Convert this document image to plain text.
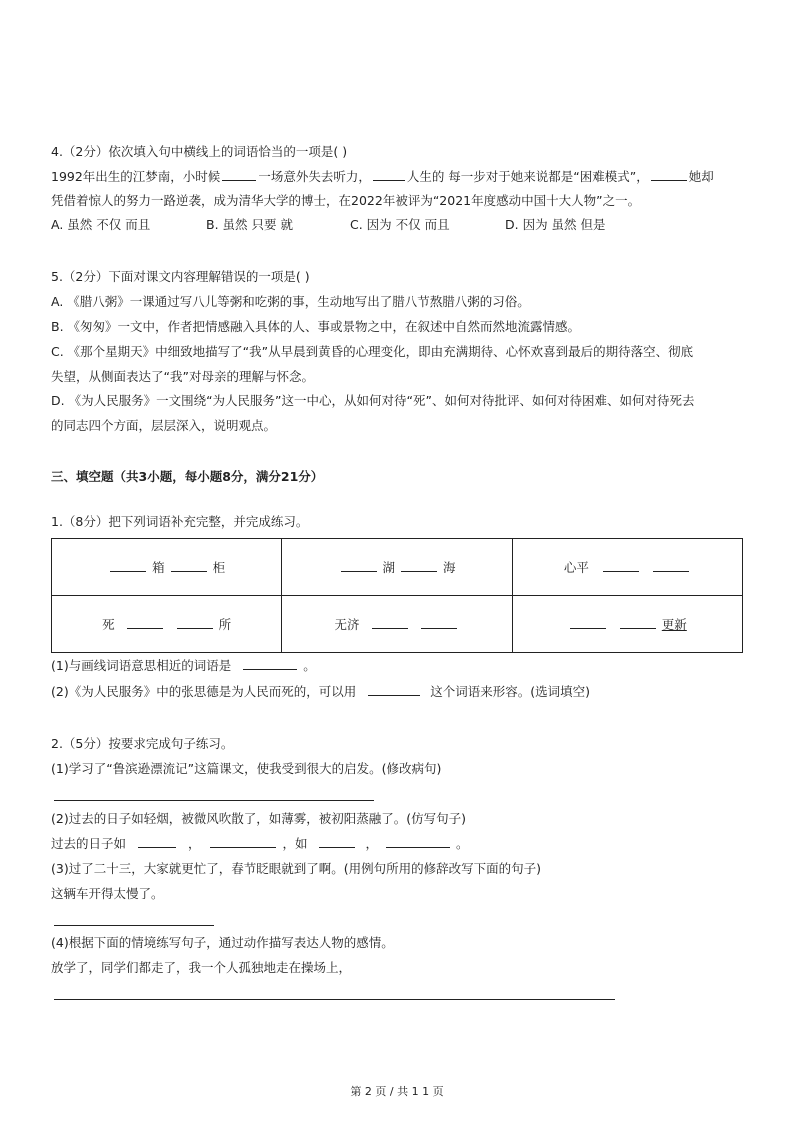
4.（2分）依次填入句中横线上的词语恰当的一项是( )
1992年出生的江梦南，小时候	一场意外失去听力，	人生的 每一步对于她来说都是“困难模式”，	她却
凭借着惊人的努力一路逆袭，成为清华大学的博士，在2022年被评为“2021年度感动中国十大人物”之一。
A. 虽然 不仅 而且	B. 虽然 只要 就	C. 因为 不仅 而且	D. 因为 虽然 但是
5.（2分）下面对课文内容理解错误的一项是( )
A. 《腊八粥》一课通过写八儿等粥和吃粥的事，生动地写出了腊八节熬腊八粥的习俗。
B. 《匆匆》一文中，作者把情感融入具体的人、事或景物之中，在叙述中自然而然地流露情感。
C. 《那个星期天》中细致地描写了“我”从早晨到黄昏的心理变化，即由充满期待、心怀欢喜到最后的期待落空、彻底
失望，从侧面表达了“我”对母亲的理解与怀念。
D. 《为人民服务》一文围绕“为人民服务”这一中心，从如何对待“死”、如何对待批评、如何对待困难、如何对待死去
的同志四个方面，层层深入，说明观点。
三、填空题（共3小题，每小题8分，满分21分）
1.（8分）把下列词语补充完整，并完成练习。
箱 柜	湖 海	心平
死 所	无济	更新
(1)与画线词语意思相近的词语是	。
(2)《为人民服务》中的张思德是为人民而死的，可以用	这个词语来形容。(选词填空)
2.（5分）按要求完成句子练习。
(1)学习了“鲁滨逊漂流记”这篇课文，使我受到很大的启发。(修改病句)
(2)过去的日子如轻烟，被微风吹散了，如薄雾，被初阳蒸融了。(仿写句子)
过去的日子如	，	，如	，	。
(3)过了二十三，大家就更忙了，春节眨眼就到了啊。(用例句所用的修辞改写下面的句子)
这辆车开得太慢了。
(4)根据下面的情境练写句子，通过动作描写表达人物的感情。
放学了，同学们都走了，我一个人孤独地走在操场上，
第 2 页 / 共 1 1 页
